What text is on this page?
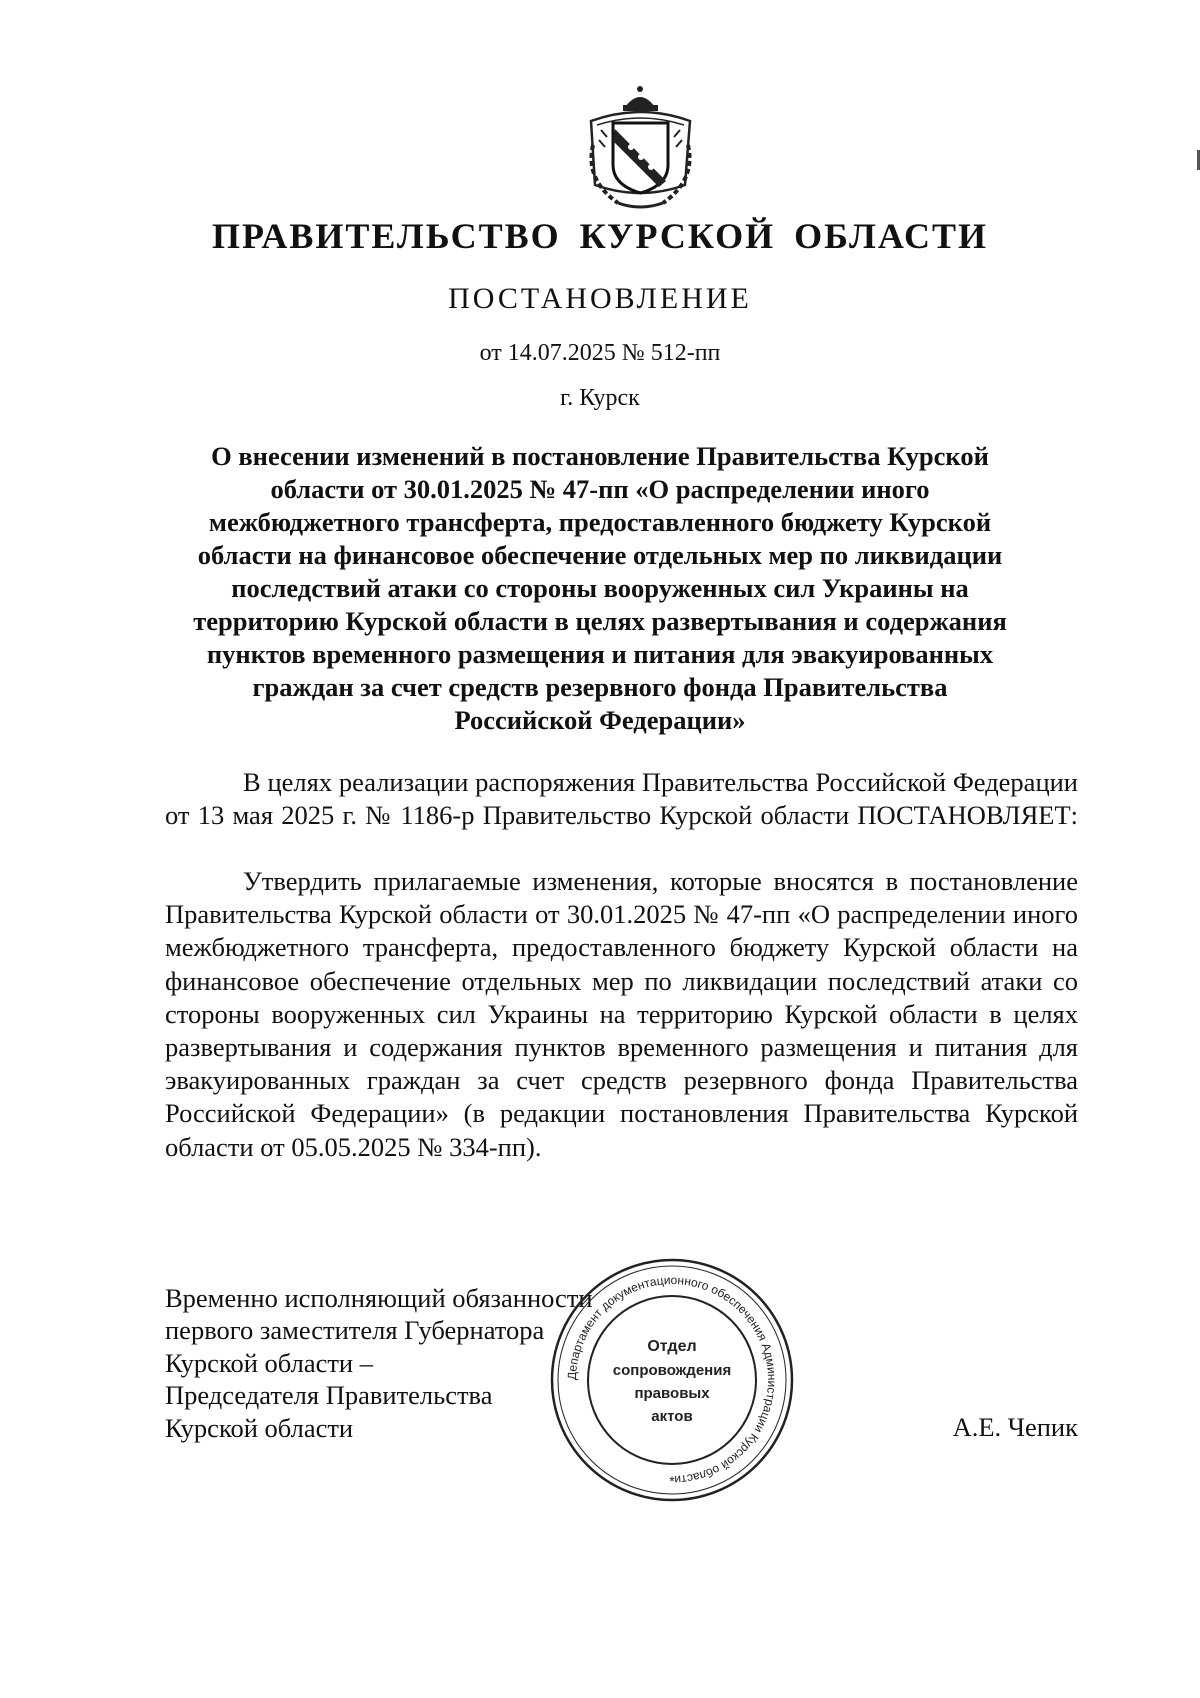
ПРАВИТЕЛЬСТВО КУРСКОЙ ОБЛАСТИ
ПОСТАНОВЛЕНИЕ
от 14.07.2025 № 512-пп
г. Курск
О внесении изменений в постановление Правительства Курской
области от 30.01.2025 № 47-пп «О распределении иного
межбюджетного трансферта, предоставленного бюджету Курской
области на финансовое обеспечение отдельных мер по ликвидации
последствий атаки со стороны вооруженных сил Украины на
территорию Курской области в целях развертывания и содержания
пунктов временного размещения и питания для эвакуированных
граждан за счет средств резервного фонда Правительства
Российской Федерации»
В целях реализации распоряжения Правительства Российской Федерации от 13 мая 2025 г. № 1186-р Правительство Курской области ПОСТАНОВЛЯЕТ:
Утвердить прилагаемые изменения, которые вносятся в постановление Правительства Курской области от 30.01.2025 № 47-пп «О распределении иного межбюджетного трансферта, предоставленного бюджету Курской области на финансовое обеспечение отдельных мер по ликвидации последствий атаки со стороны вооруженных сил Украины на территорию Курской области в целях развертывания и содержания пунктов временного размещения и питания для эвакуированных граждан за счет средств резервного фонда Правительства Российской Федерации» (в редакции постановления Правительства Курской области от 05.05.2025 № 334-пп).
Временно исполняющий обязанности
первого заместителя Губернатора
Курской области –
Председателя Правительства
Курской области	А.Е. Чепик
Департамент документационного обеспечения Администрации Курской области
*
Отдел
сопровождения
правовых
актов
